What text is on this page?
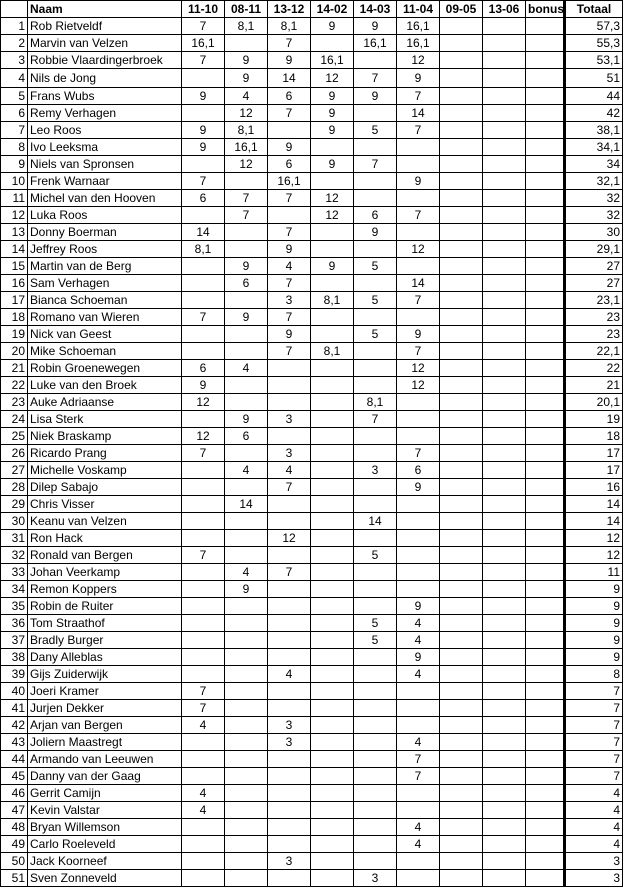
	Naam	11-10	08-11	13-12	14-02	14-03	11-04	09-05	13-06	bonus	Totaal
1	Rob Rietveldf	7	8,1	8,1	9	9	16,1				57,3
2	Marvin van Velzen	16,1		7		16,1	16,1				55,3
3	Robbie Vlaardingerbroek	7	9	9	16,1		12				53,1
4	Nils de Jong		9	14	12	7	9				51
5	Frans Wubs	9	4	6	9	9	7				44
6	Remy Verhagen		12	7	9		14				42
7	Leo Roos	9	8,1		9	5	7				38,1
8	Ivo Leeksma	9	16,1	9							34,1
9	Niels van Spronsen		12	6	9	7					34
10	Frenk Warnaar	7		16,1			9				32,1
11	Michel van den Hooven	6	7	7	12						32
12	Luka Roos		7		12	6	7				32
13	Donny Boerman	14		7		9					30
14	Jeffrey Roos	8,1		9			12				29,1
15	Martin van de Berg		9	4	9	5					27
16	Sam Verhagen		6	7			14				27
17	Bianca Schoeman			3	8,1	5	7				23,1
18	Romano van Wieren	7	9	7							23
19	Nick van Geest			9		5	9				23
20	Mike Schoeman			7	8,1		7				22,1
21	Robin Groenewegen	6	4				12				22
22	Luke van den Broek	9					12				21
23	Auke Adriaanse	12				8,1					20,1
24	Lisa Sterk		9	3		7					19
25	Niek Braskamp	12	6								18
26	Ricardo Prang	7		3			7				17
27	Michelle Voskamp		4	4		3	6				17
28	Dilep Sabajo			7			9				16
29	Chris Visser		14								14
30	Keanu van Velzen					14					14
31	Ron Hack			12							12
32	Ronald van Bergen	7				5					12
33	Johan Veerkamp		4	7							11
34	Remon Koppers		9								9
35	Robin de Ruiter						9				9
36	Tom Straathof					5	4				9
37	Bradly Burger					5	4				9
38	Dany Alleblas						9				9
39	Gijs Zuiderwijk			4			4				8
40	Joeri Kramer	7									7
41	Jurjen Dekker	7									7
42	Arjan van Bergen	4		3							7
43	Joliern Maastregt			3			4				7
44	Armando van Leeuwen						7				7
45	Danny van der Gaag						7				7
46	Gerrit Camijn	4									4
47	Kevin Valstar	4									4
48	Bryan Willemson						4				4
49	Carlo Roeleveld						4				4
50	Jack Koorneef			3							3
51	Sven Zonneveld					3					3
